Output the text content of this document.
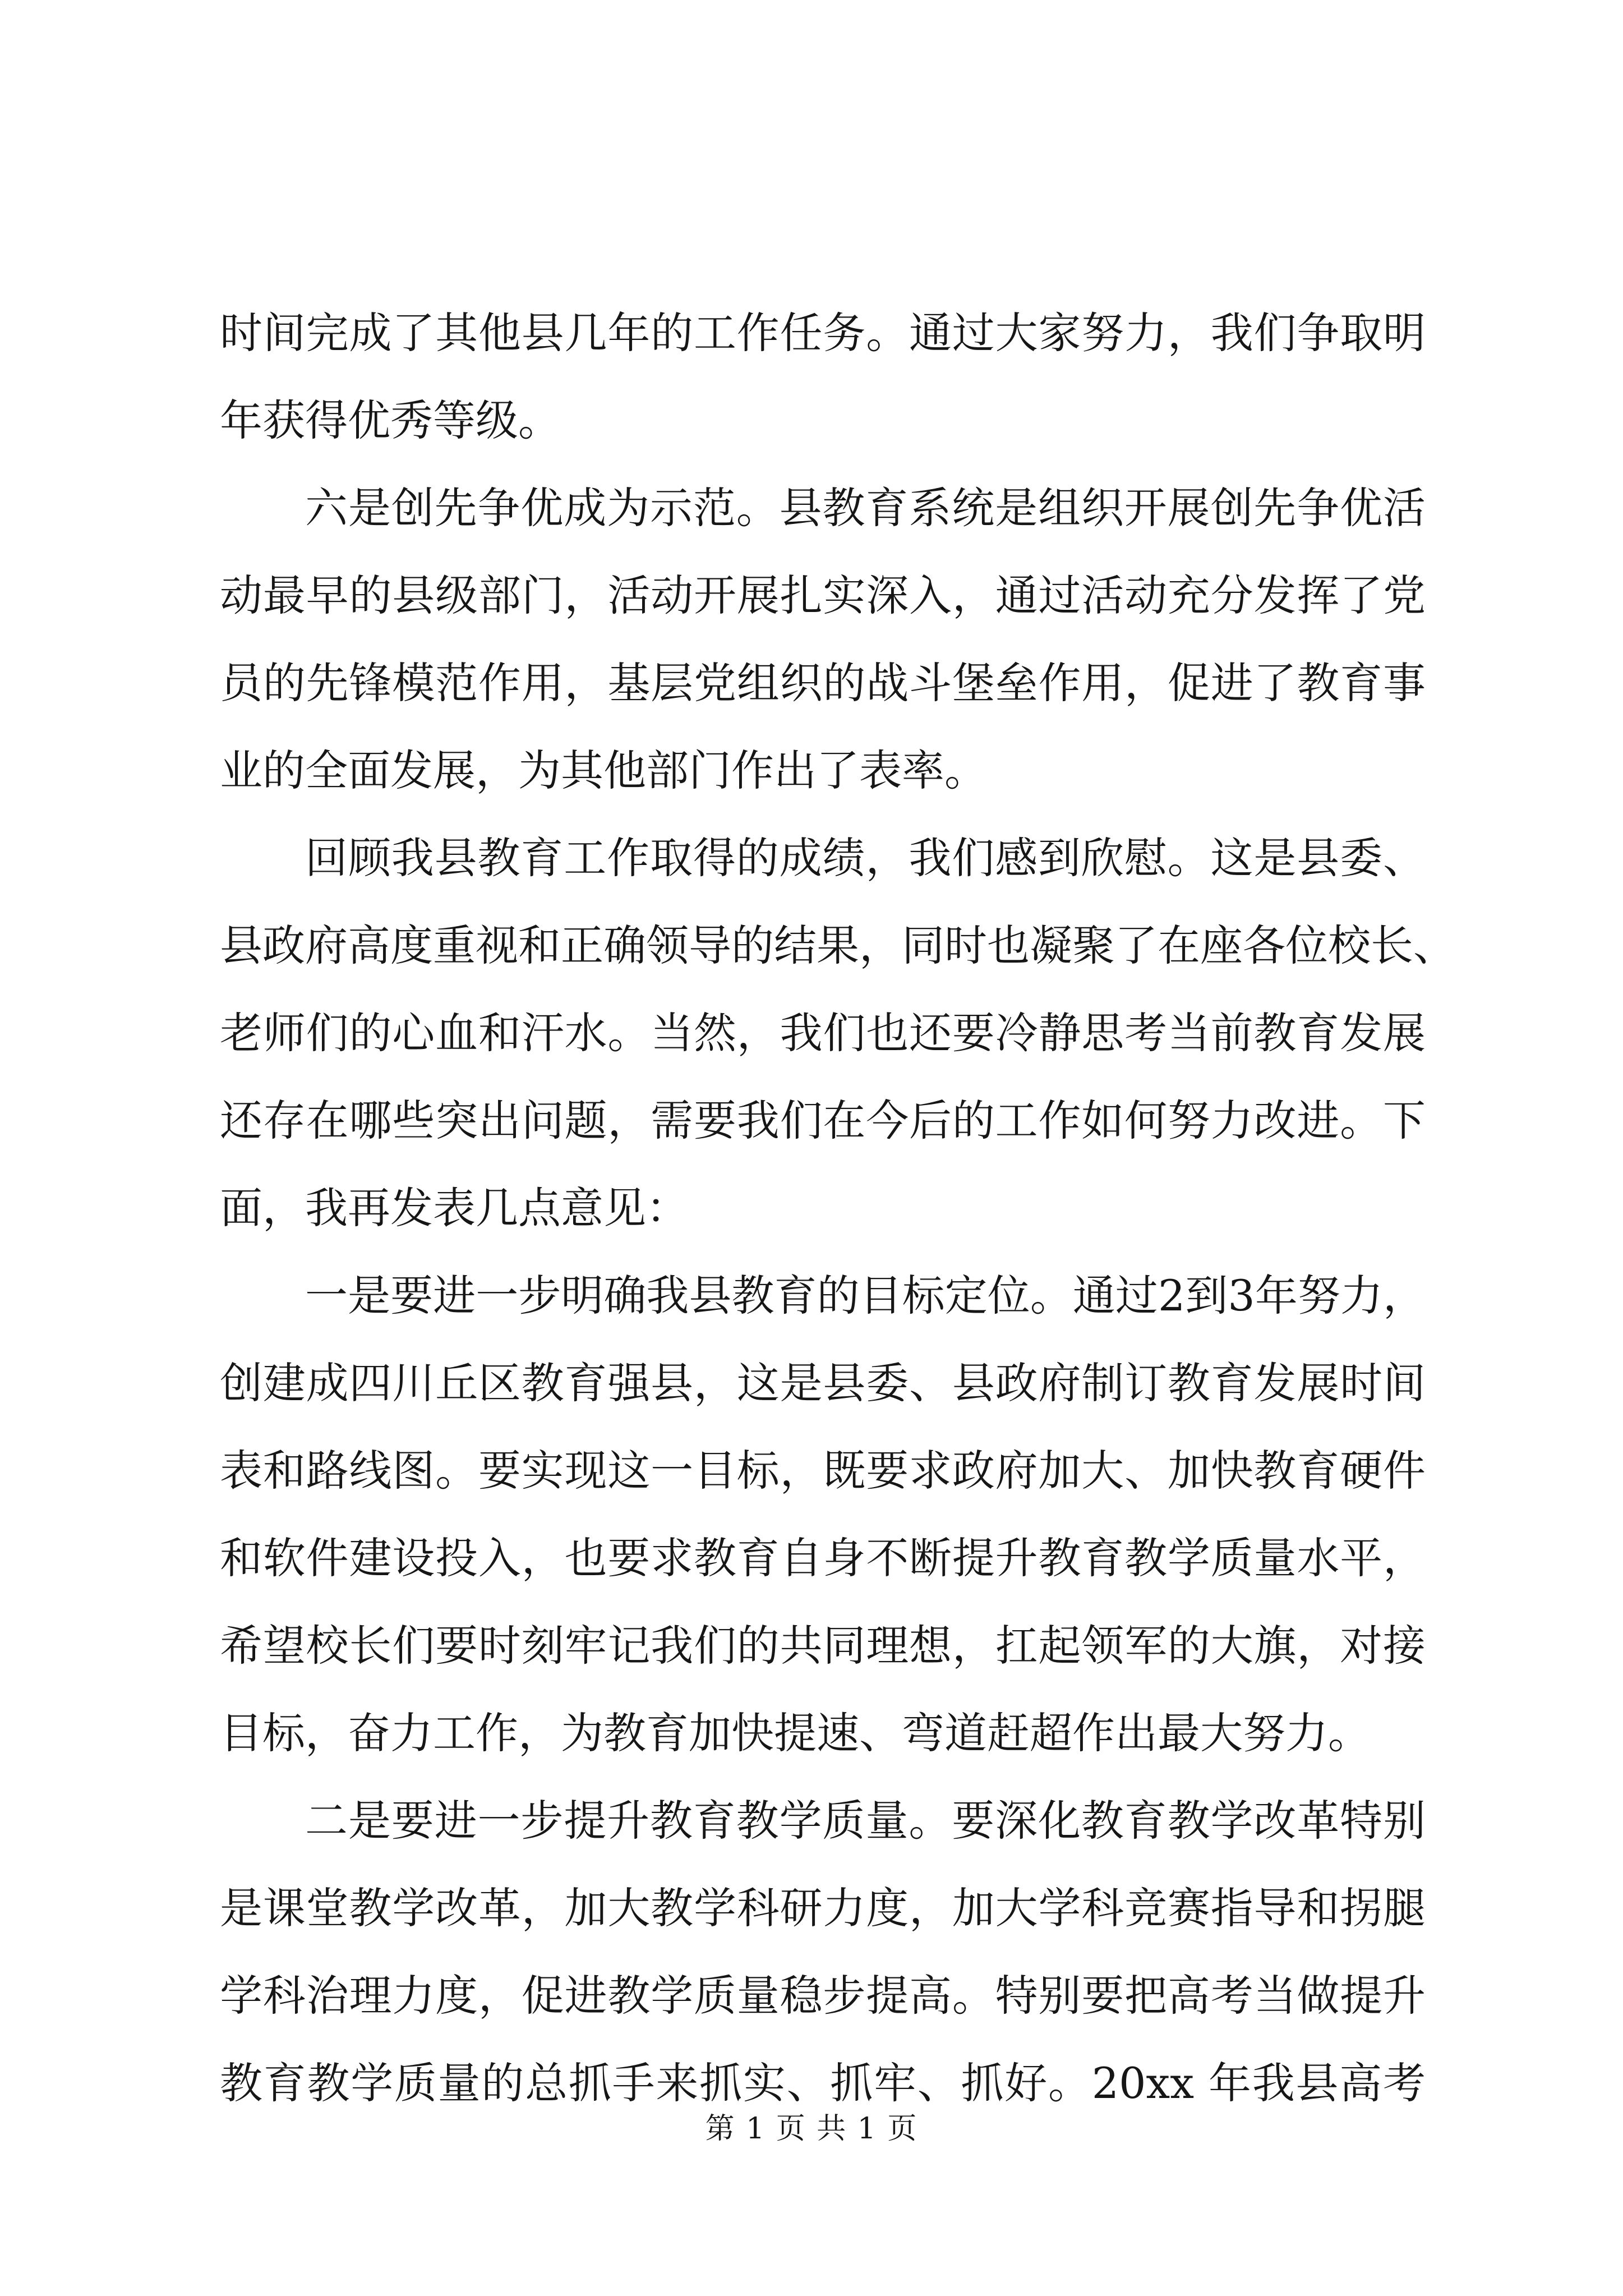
时间完成了其他县几年的工作任务。通过大家努力，我们争取明
年获得优秀等级。
六是创先争优成为示范。县教育系统是组织开展创先争优活
动最早的县级部门，活动开展扎实深入，通过活动充分发挥了党
员的先锋模范作用，基层党组织的战斗堡垒作用，促进了教育事
业的全面发展，为其他部门作出了表率。
回顾我县教育工作取得的成绩，我们感到欣慰。这是县委、
县政府高度重视和正确领导的结果，同时也凝聚了在座各位校长、
老师们的心血和汗水。当然，我们也还要冷静思考当前教育发展
还存在哪些突出问题，需要我们在今后的工作如何努力改进。下
面，我再发表几点意见：
一是要进一步明确我县教育的目标定位。通过2到3年努力，
创建成四川丘区教育强县，这是县委、县政府制订教育发展时间
表和路线图。要实现这一目标，既要求政府加大、加快教育硬件
和软件建设投入，也要求教育自身不断提升教育教学质量水平，
希望校长们要时刻牢记我们的共同理想，扛起领军的大旗，对接
目标，奋力工作，为教育加快提速、弯道赶超作出最大努力。
二是要进一步提升教育教学质量。要深化教育教学改革特别
是课堂教学改革，加大教学科研力度，加大学科竞赛指导和拐腿
学科治理力度，促进教学质量稳步提高。特别要把高考当做提升
教育教学质量的总抓手来抓实、抓牢、抓好。20xx 年我县高考
第 1 页 共 1 页
